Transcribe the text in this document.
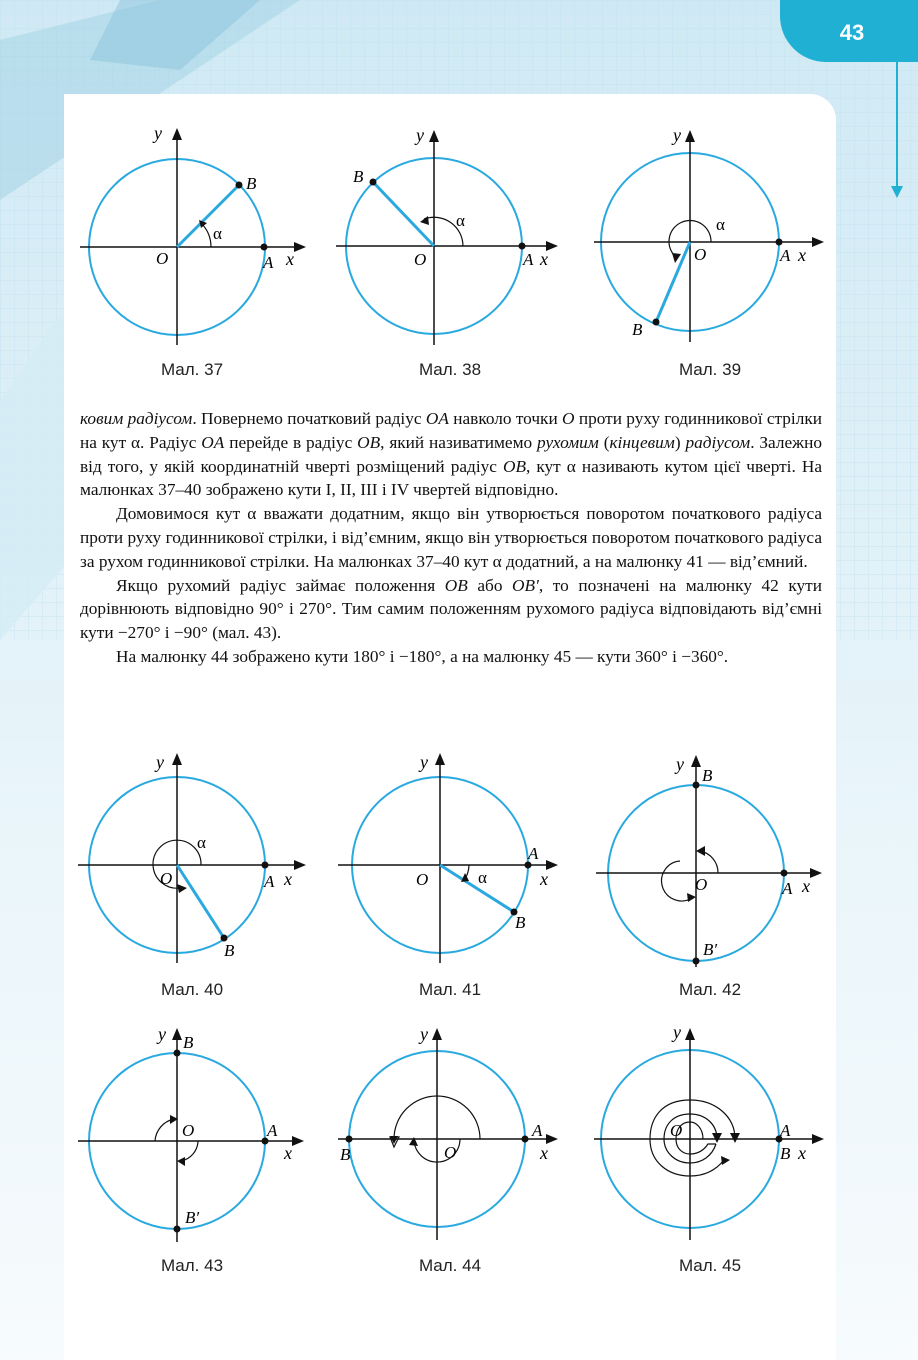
43
y
x
O	A
B
α
Мал. 37
y
x
O	A
B
α
Мал. 38
y
x
O	A
B
α
Мал. 39

ковим радіусом. Повернемо початковий радіус OA навколо точки O проти руху годинникової стрілки на кут α. Радіус OA перейде в радіус OB, який називатимемо рухомим (кінцевим) радіусом. Залежно від того, у якій координатній чверті розміщений радіус OB, кут α називають кутом цієї чверті. На малюнках 37–40 зображено кути I, II, III і IV чвертей відповідно.

Домовимося кут α вважати додатним, якщо він утворюється поворотом початкового радіуса проти руху годинникової стрілки, і від’ємним, якщо він утворюється поворотом початкового радіуса за рухом годинникової стрілки. На малюнках 37–40 кут α додатний, а на малюнку 41 — від’ємний.

Якщо рухомий радіус займає положення OB або OB′, то позначені на малюнку 42 кути дорівнюють відповідно 90° і 270°. Тим самим положенням рухомого радіуса відповідають від’ємні кути −270° і −90° (мал. 43).

На малюнку 44 зображено кути 180° і −180°, а на малюнку 45 — кути 360° і −360°.

y
x
O	A
B
α
Мал. 40
y
x
O
A
B
α
Мал. 41
y
x
O	A
B
B′
Мал. 42
y
x
O	A
B
B′
Мал. 43
y
x
O
A
B
Мал. 44
y
x
O	A
B
Мал. 45
